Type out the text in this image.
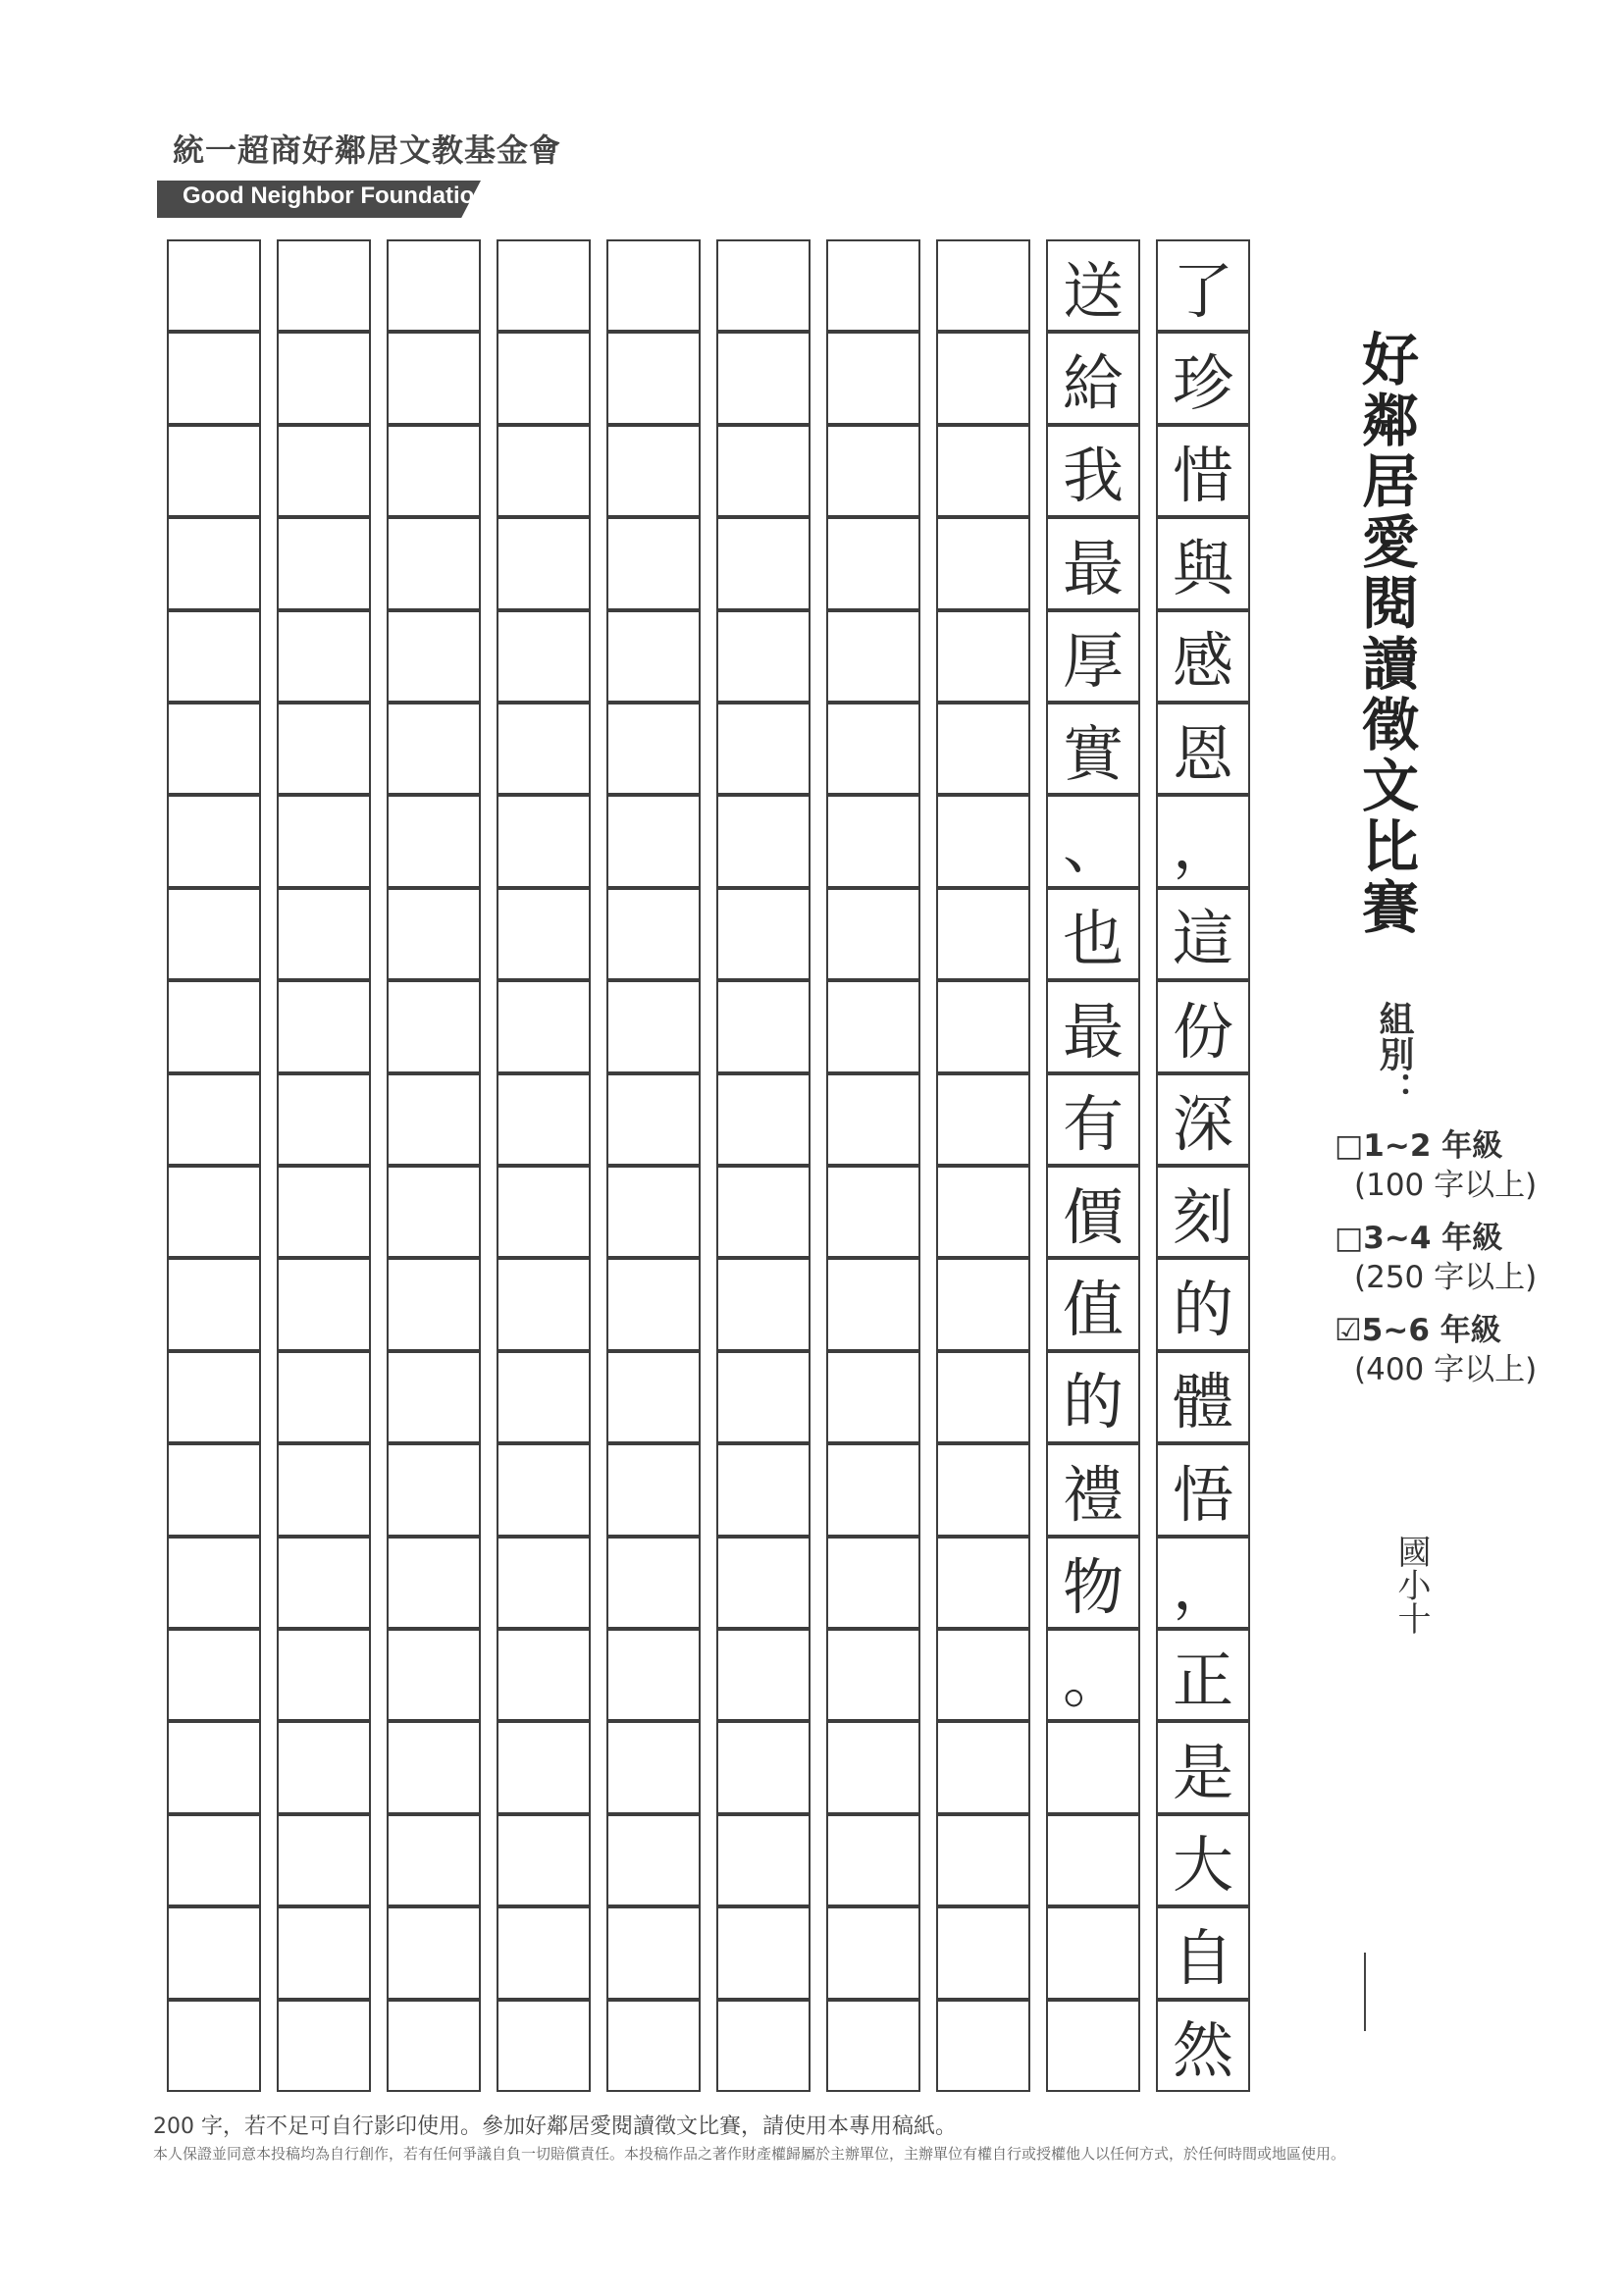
統一超商好鄰居文教基金會
Good Neighbor Foundation
了
珍
惜
與
感
恩
，
這
份
深
刻
的
體
悟
，
正
是
大
自
然
送
給
我
最
厚
實
、
也
最
有
價
值
的
禮
物
。
好鄰居愛閱讀徵文比賽
組別：
□1~2 年級
(100 字以上)
□3~4 年級
(250 字以上)
☑5~6 年級
(400 字以上)
國小十
200 字，若不足可自行影印使用。參加好鄰居愛閱讀徵文比賽，請使用本專用稿紙。
本人保證並同意本投稿均為自行創作，若有任何爭議自負一切賠償責任。本投稿作品之著作財產權歸屬於主辦單位，主辦單位有權自行或授權他人以任何方式，於任何時間或地區使用。
